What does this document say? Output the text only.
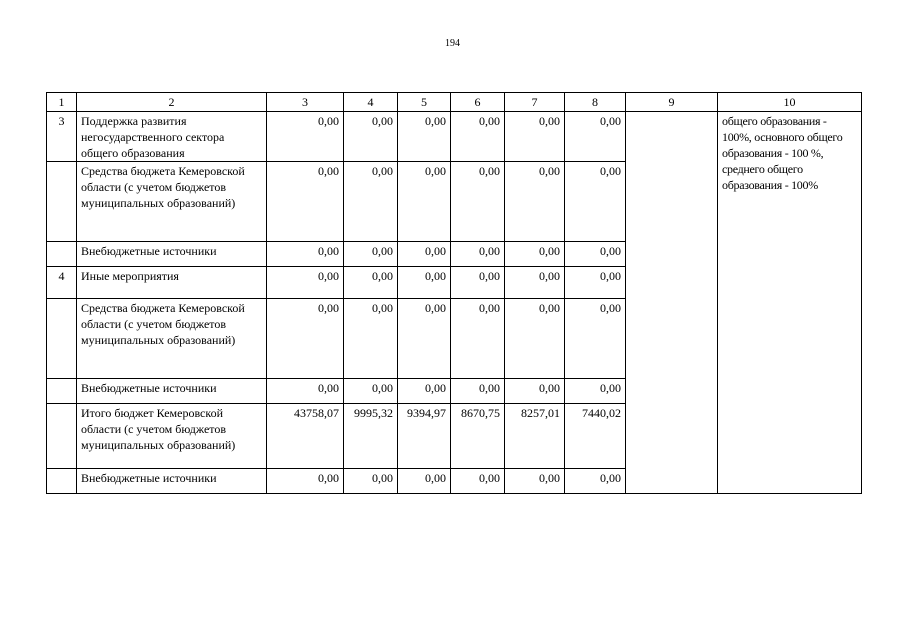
194
1	2	3	4	5	6	7	8	9	10
3	Поддержка развития негосударственного сектора общего образования	0,00	0,00	0,00	0,00	0,00	0,00		общего образования - 100%, основного общего образования - 100 %, среднего общего образования - 100%
	Средства бюджета Кемеровской области (с учетом бюджетов муниципальных образований)	0,00	0,00	0,00	0,00	0,00	0,00		
	Внебюджетные источники	0,00	0,00	0,00	0,00	0,00	0,00		
4	Иные мероприятия	0,00	0,00	0,00	0,00	0,00	0,00		
	Средства бюджета Кемеровской области (с учетом бюджетов муниципальных образований)	0,00	0,00	0,00	0,00	0,00	0,00		
	Внебюджетные источники	0,00	0,00	0,00	0,00	0,00	0,00		
	Итого бюджет Кемеровской области (с учетом бюджетов муниципальных образований)	43758,07	9995,32	9394,97	8670,75	8257,01	7440,02		
	Внебюджетные источники	0,00	0,00	0,00	0,00	0,00	0,00		
